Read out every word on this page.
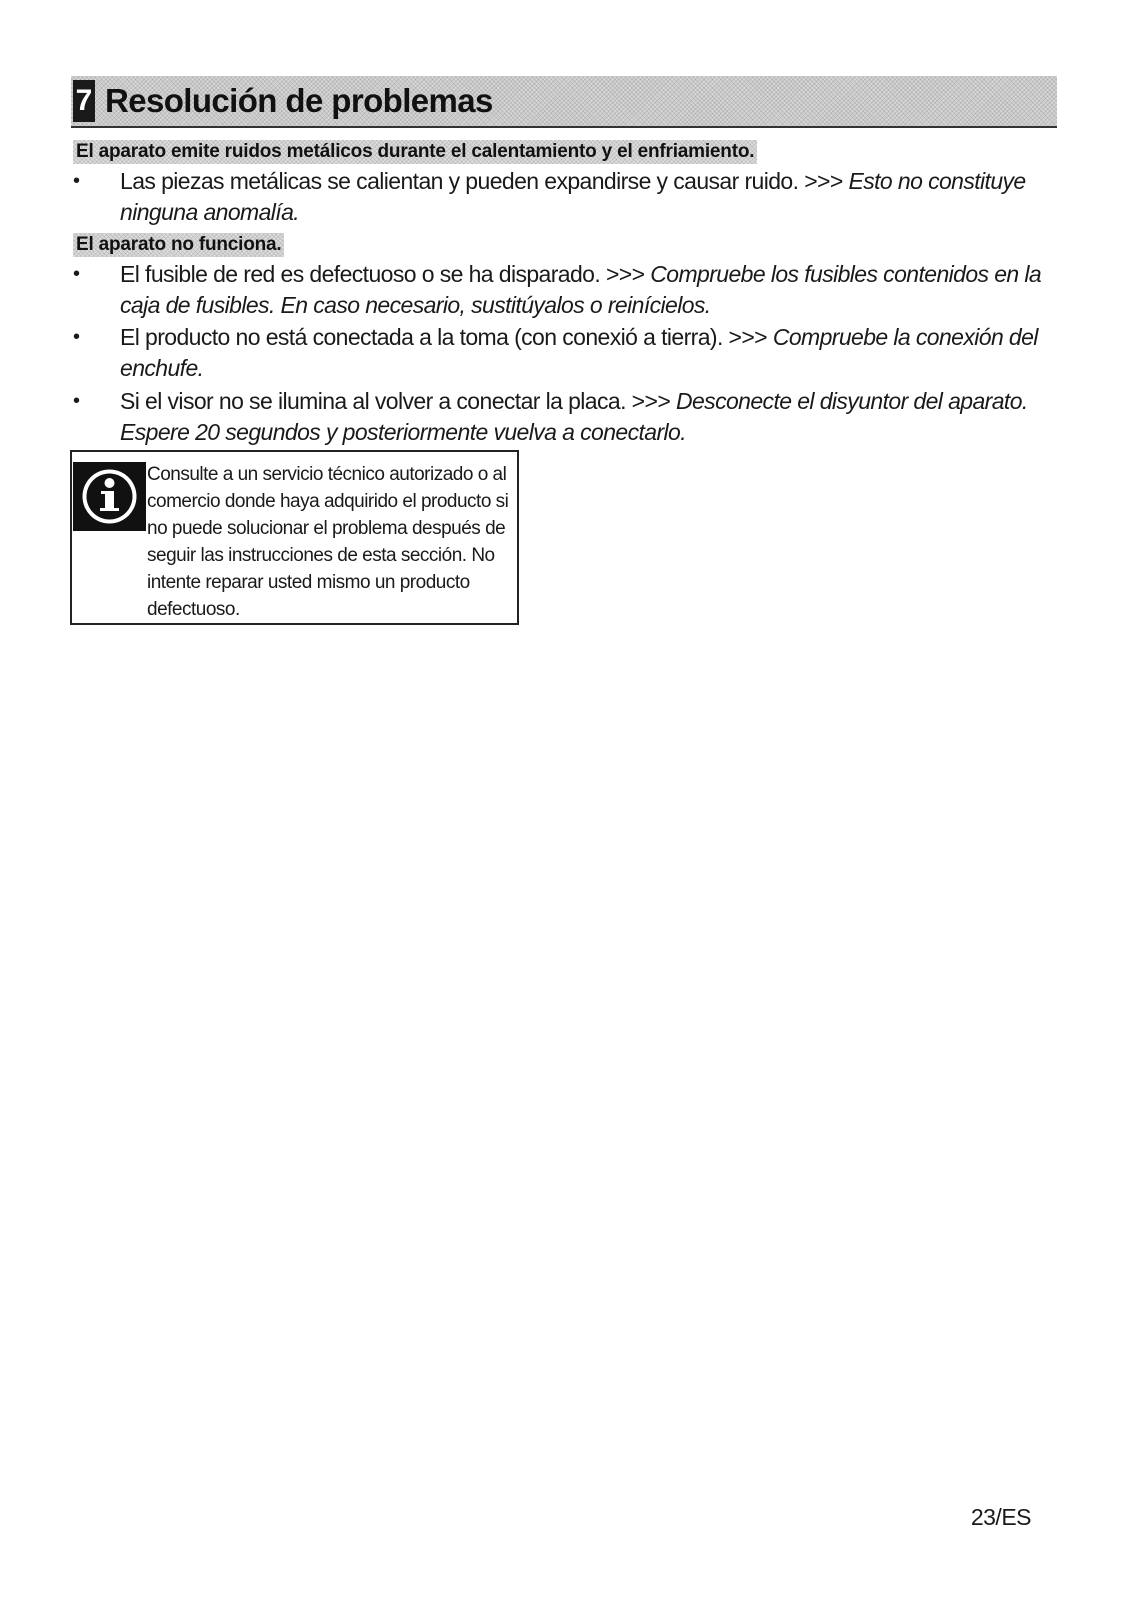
7 Resolución de problemas
El aparato emite ruidos metálicos durante el calentamiento y el enfriamiento.
•	Las piezas metálicas se calientan y pueden expandirse y causar ruido. >>> Esto no constituye ninguna anomalía.
El aparato no funciona.
•	El fusible de red es defectuoso o se ha disparado. >>> Compruebe los fusibles contenidos en la caja de fusibles. En caso necesario, sustitúyalos o reinícielos.
•	El producto no está conectada a la toma (con conexió a tierra). >>> Compruebe la conexión del enchufe.
•	Si el visor no se ilumina al volver a conectar la placa. >>> Desconecte el disyuntor del aparato. Espere 20 segundos y posteriormente vuelva a conectarlo.
Consulte a un servicio técnico autorizado o al comercio donde haya adquirido el producto si no puede solucionar el problema después de seguir las instrucciones de esta sección. No intente reparar usted mismo un producto defectuoso.
23/ES
